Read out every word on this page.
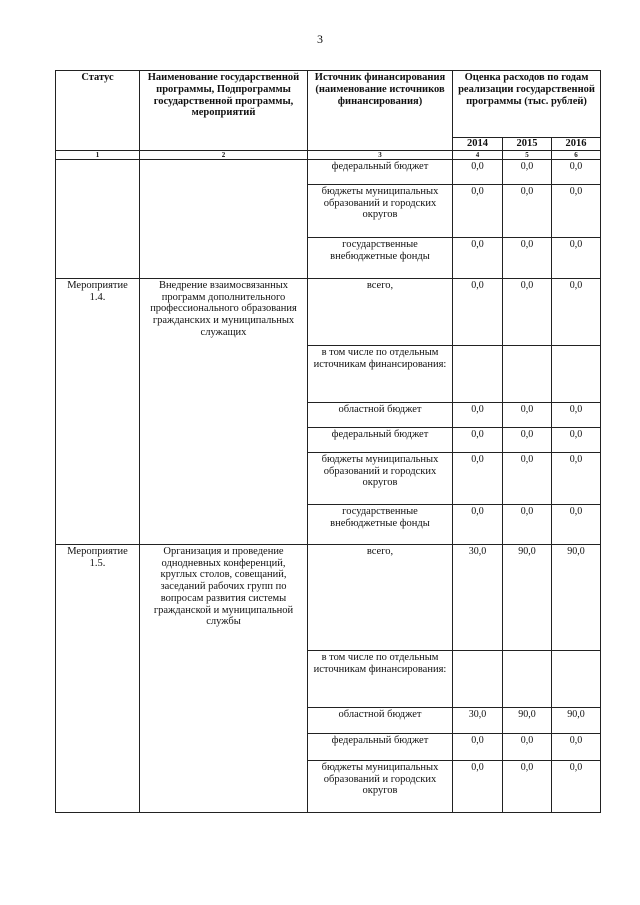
3
Статус	Наименование государственной программы, Подпрограммы государственной программы, мероприятий	Источник финансирования (наименование источников финансирования)	Оценка расходов по годам реализации государственной программы (тыс. рублей)		
			2014	2015	2016
1	2	3	4	5	6
		федеральный бюджет	0,0	0,0	0,0
		бюджеты муниципальных образований и городских округов	0,0	0,0	0,0
		государственные внебюджетные фонды	0,0	0,0	0,0
Мероприятие 1.4.	Внедрение взаимосвязанных программ дополнительного профессионального образования гражданских и муниципальных служащих	всего,	0,0	0,0	0,0
		в том числе по отдельным источникам финансирования:			
		областной бюджет	0,0	0,0	0,0
		федеральный бюджет	0,0	0,0	0,0
		бюджеты муниципальных образований и городских округов	0,0	0,0	0,0
		государственные внебюджетные фонды	0,0	0,0	0,0
Мероприятие 1.5.	Организация и проведение однодневных конференций, круглых столов, совещаний, заседаний рабочих групп по вопросам развития системы гражданской и муниципальной службы	всего,	30,0	90,0	90,0
		в том числе по отдельным источникам финансирования:			
		областной бюджет	30,0	90,0	90,0
		федеральный бюджет	0,0	0,0	0,0
		бюджеты муниципальных образований и городских округов	0,0	0,0	0,0
